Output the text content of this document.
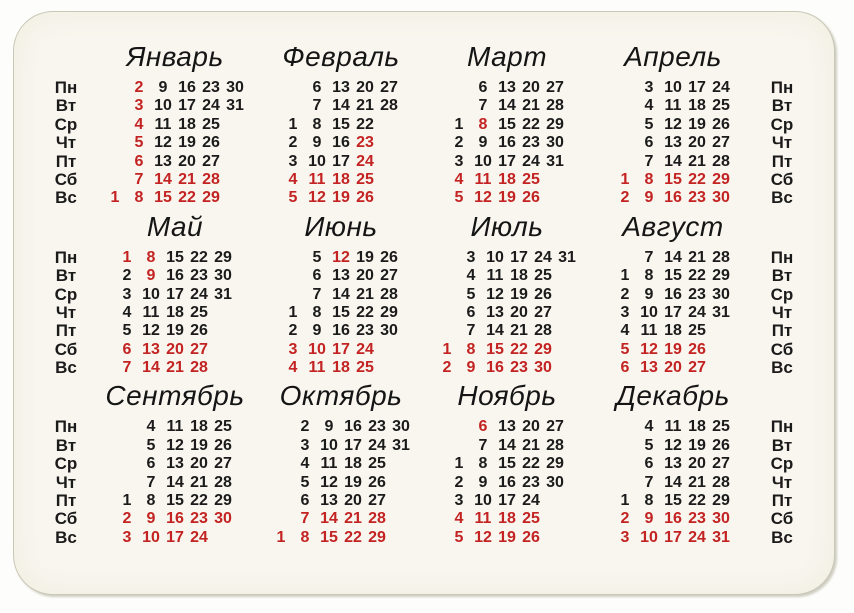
Пн
Вт
Ср
Чт
Пт
Сб
Вс
Январь
2 9 16 23 30
3 10 17 24 31
4 11 18 25
5 12 19 26
6 13 20 27
7 14 21 28
1 8 15 22 29
Февраль
6 13 20 27
7 14 21 28
1 8 15 22
2 9 16 23
3 10 17 24
4 11 18 25
5 12 19 26
Март
6 13 20 27
7 14 21 28
1 8 15 22 29
2 9 16 23 30
3 10 17 24 31
4 11 18 25
5 12 19 26
Апрель
3 10 17 24
4 11 18 25
5 12 19 26
6 13 20 27
7 14 21 28
1 8 15 22 29
2 9 16 23 30
Пн
Вт
Ср
Чт
Пт
Сб
Вс
Пн
Вт
Ср
Чт
Пт
Сб
Вс
Май
1 8 15 22 29
2 9 16 23 30
3 10 17 24 31
4 11 18 25
5 12 19 26
6 13 20 27
7 14 21 28
Июнь
5 12 19 26
6 13 20 27
7 14 21 28
1 8 15 22 29
2 9 16 23 30
3 10 17 24
4 11 18 25
Июль
3 10 17 24 31
4 11 18 25
5 12 19 26
6 13 20 27
7 14 21 28
1 8 15 22 29
2 9 16 23 30
Август
7 14 21 28
1 8 15 22 29
2 9 16 23 30
3 10 17 24 31
4 11 18 25
5 12 19 26
6 13 20 27
Пн
Вт
Ср
Чт
Пт
Сб
Вс
Пн
Вт
Ср
Чт
Пт
Сб
Вс
Сентябрь
4 11 18 25
5 12 19 26
6 13 20 27
7 14 21 28
1 8 15 22 29
2 9 16 23 30
3 10 17 24
Октябрь
2 9 16 23 30
3 10 17 24 31
4 11 18 25
5 12 19 26
6 13 20 27
7 14 21 28
1 8 15 22 29
Ноябрь
6 13 20 27
7 14 21 28
1 8 15 22 29
2 9 16 23 30
3 10 17 24
4 11 18 25
5 12 19 26
Декабрь
4 11 18 25
5 12 19 26
6 13 20 27
7 14 21 28
1 8 15 22 29
2 9 16 23 30
3 10 17 24 31
Пн
Вт
Ср
Чт
Пт
Сб
Вс
